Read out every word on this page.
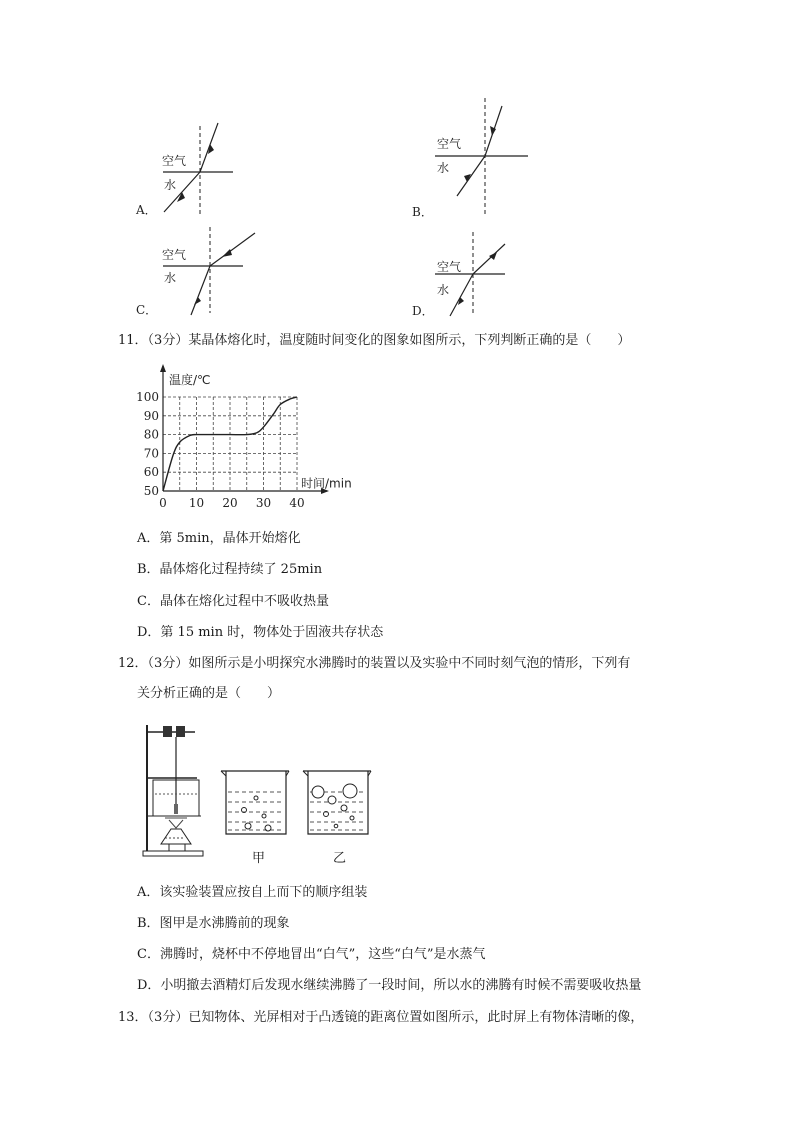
空气
水
A．
空气
水
B．
空气
水
C．
空气
水
D．
11．（3分）某晶体熔化时，温度随时间变化的图象如图所示，下列判断正确的是（　　）
50
60
70
80
90
100
0 10 20 30 40
温度/℃
时间/min
A．第 5min，晶体开始熔化
B．晶体熔化过程持续了 25min
C．晶体在熔化过程中不吸收热量
D．第 15 min 时，物体处于固液共存状态
12．（3分）如图所示是小明探究水沸腾时的装置以及实验中不同时刻气泡的情形，下列有
关分析正确的是（　　）
甲	乙
A．该实验装置应按自上而下的顺序组装
B．图甲是水沸腾前的现象
C．沸腾时，烧杯中不停地冒出“白气”，这些“白气”是水蒸气
D．小明撤去酒精灯后发现水继续沸腾了一段时间，所以水的沸腾有时候不需要吸收热量
13．（3分）已知物体、光屏相对于凸透镜的距离位置如图所示，此时屏上有物体清晰的像，
